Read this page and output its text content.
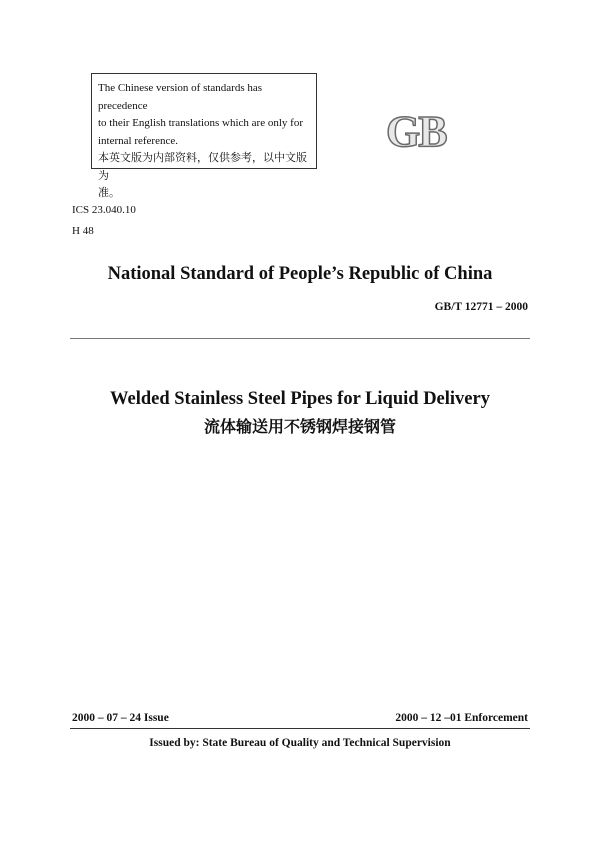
The Chinese version of standards has precedence

to their English translations which are only for

internal reference.

本英文版为内部资料，仅供参考，以中文版为

准。

GB
ICS 23.040.10
H 48
National Standard of People’s Republic of China
GB/T 12771 – 2000
Welded Stainless Steel Pipes for Liquid Delivery
流体输送用不锈钢焊接钢管
2000 – 07 – 24 Issue	2000 – 12 –01 Enforcement
Issued by: State Bureau of Quality and Technical Supervision
